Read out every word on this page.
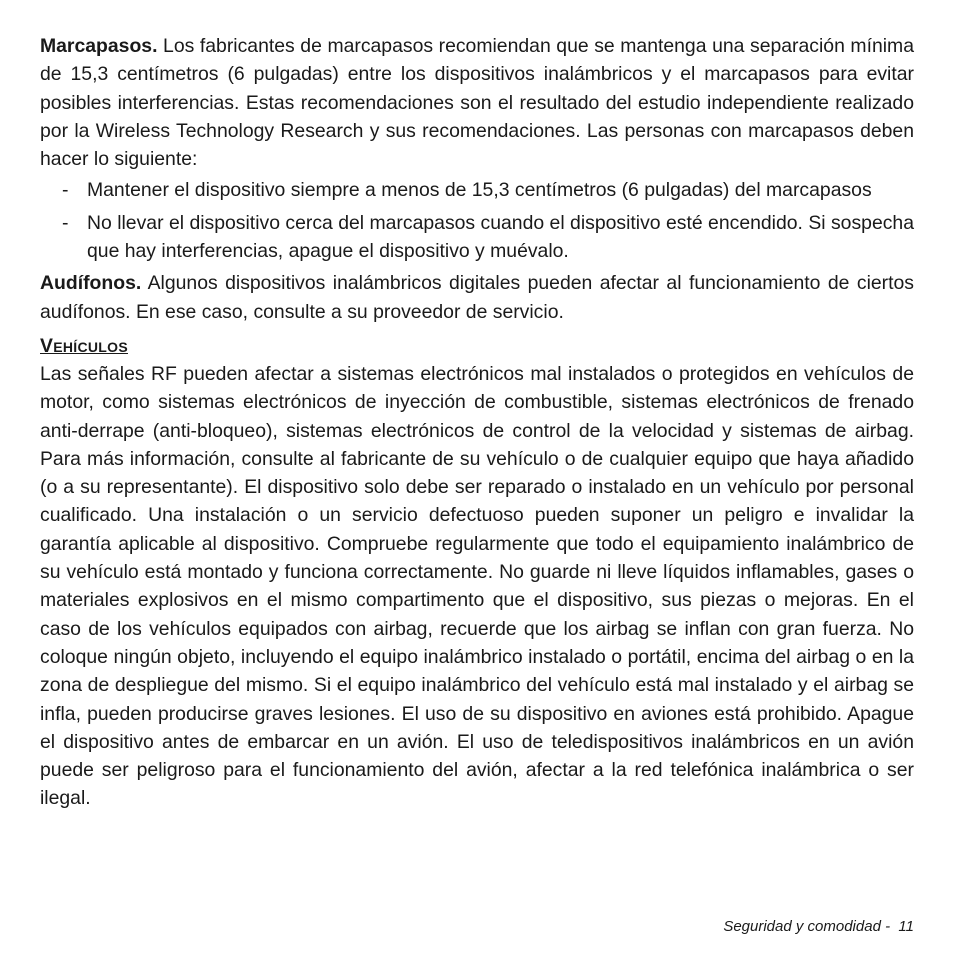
Marcapasos. Los fabricantes de marcapasos recomiendan que se mantenga una separación mínima de 15,3 centímetros (6 pulgadas) entre los dispositivos inalámbricos y el marcapasos para evitar posibles interferencias. Estas recomendaciones son el resultado del estudio independiente realizado por la Wireless Technology Research y sus recomendaciones. Las personas con marcapasos deben hacer lo siguiente:

- Mantener el dispositivo siempre a menos de 15,3 centímetros (6 pulgadas) del marcapasos
- No llevar el dispositivo cerca del marcapasos cuando el dispositivo esté encendido. Si sospecha que hay interferencias, apague el dispositivo y muévalo.

Audífonos. Algunos dispositivos inalámbricos digitales pueden afectar al funcionamiento de ciertos audífonos. En ese caso, consulte a su proveedor de servicio.

Vehículos

Las señales RF pueden afectar a sistemas electrónicos mal instalados o protegidos en vehículos de motor, como sistemas electrónicos de inyección de combustible, sistemas electrónicos de frenado anti-derrape (anti-bloqueo), sistemas electrónicos de control de la velocidad y sistemas de airbag. Para más información, consulte al fabricante de su vehículo o de cualquier equipo que haya añadido (o a su representante). El dispositivo solo debe ser reparado o instalado en un vehículo por personal cualificado. Una instalación o un servicio defectuoso pueden suponer un peligro e invalidar la garantía aplicable al dispositivo. Compruebe regularmente que todo el equipamiento inalámbrico de su vehículo está montado y funciona correctamente. No guarde ni lleve líquidos inflamables, gases o materiales explosivos en el mismo compartimento que el dispositivo, sus piezas o mejoras. En el caso de los vehículos equipados con airbag, recuerde que los airbag se inflan con gran fuerza. No coloque ningún objeto, incluyendo el equipo inalámbrico instalado o portátil, encima del airbag o en la zona de despliegue del mismo. Si el equipo inalámbrico del vehículo está mal instalado y el airbag se infla, pueden producirse graves lesiones. El uso de su dispositivo en aviones está prohibido. Apague el dispositivo antes de embarcar en un avión. El uso de teledispositivos inalámbricos en un avión puede ser peligroso para el funcionamiento del avión, afectar a la red telefónica inalámbrica o ser ilegal.

Seguridad y comodidad - 11
